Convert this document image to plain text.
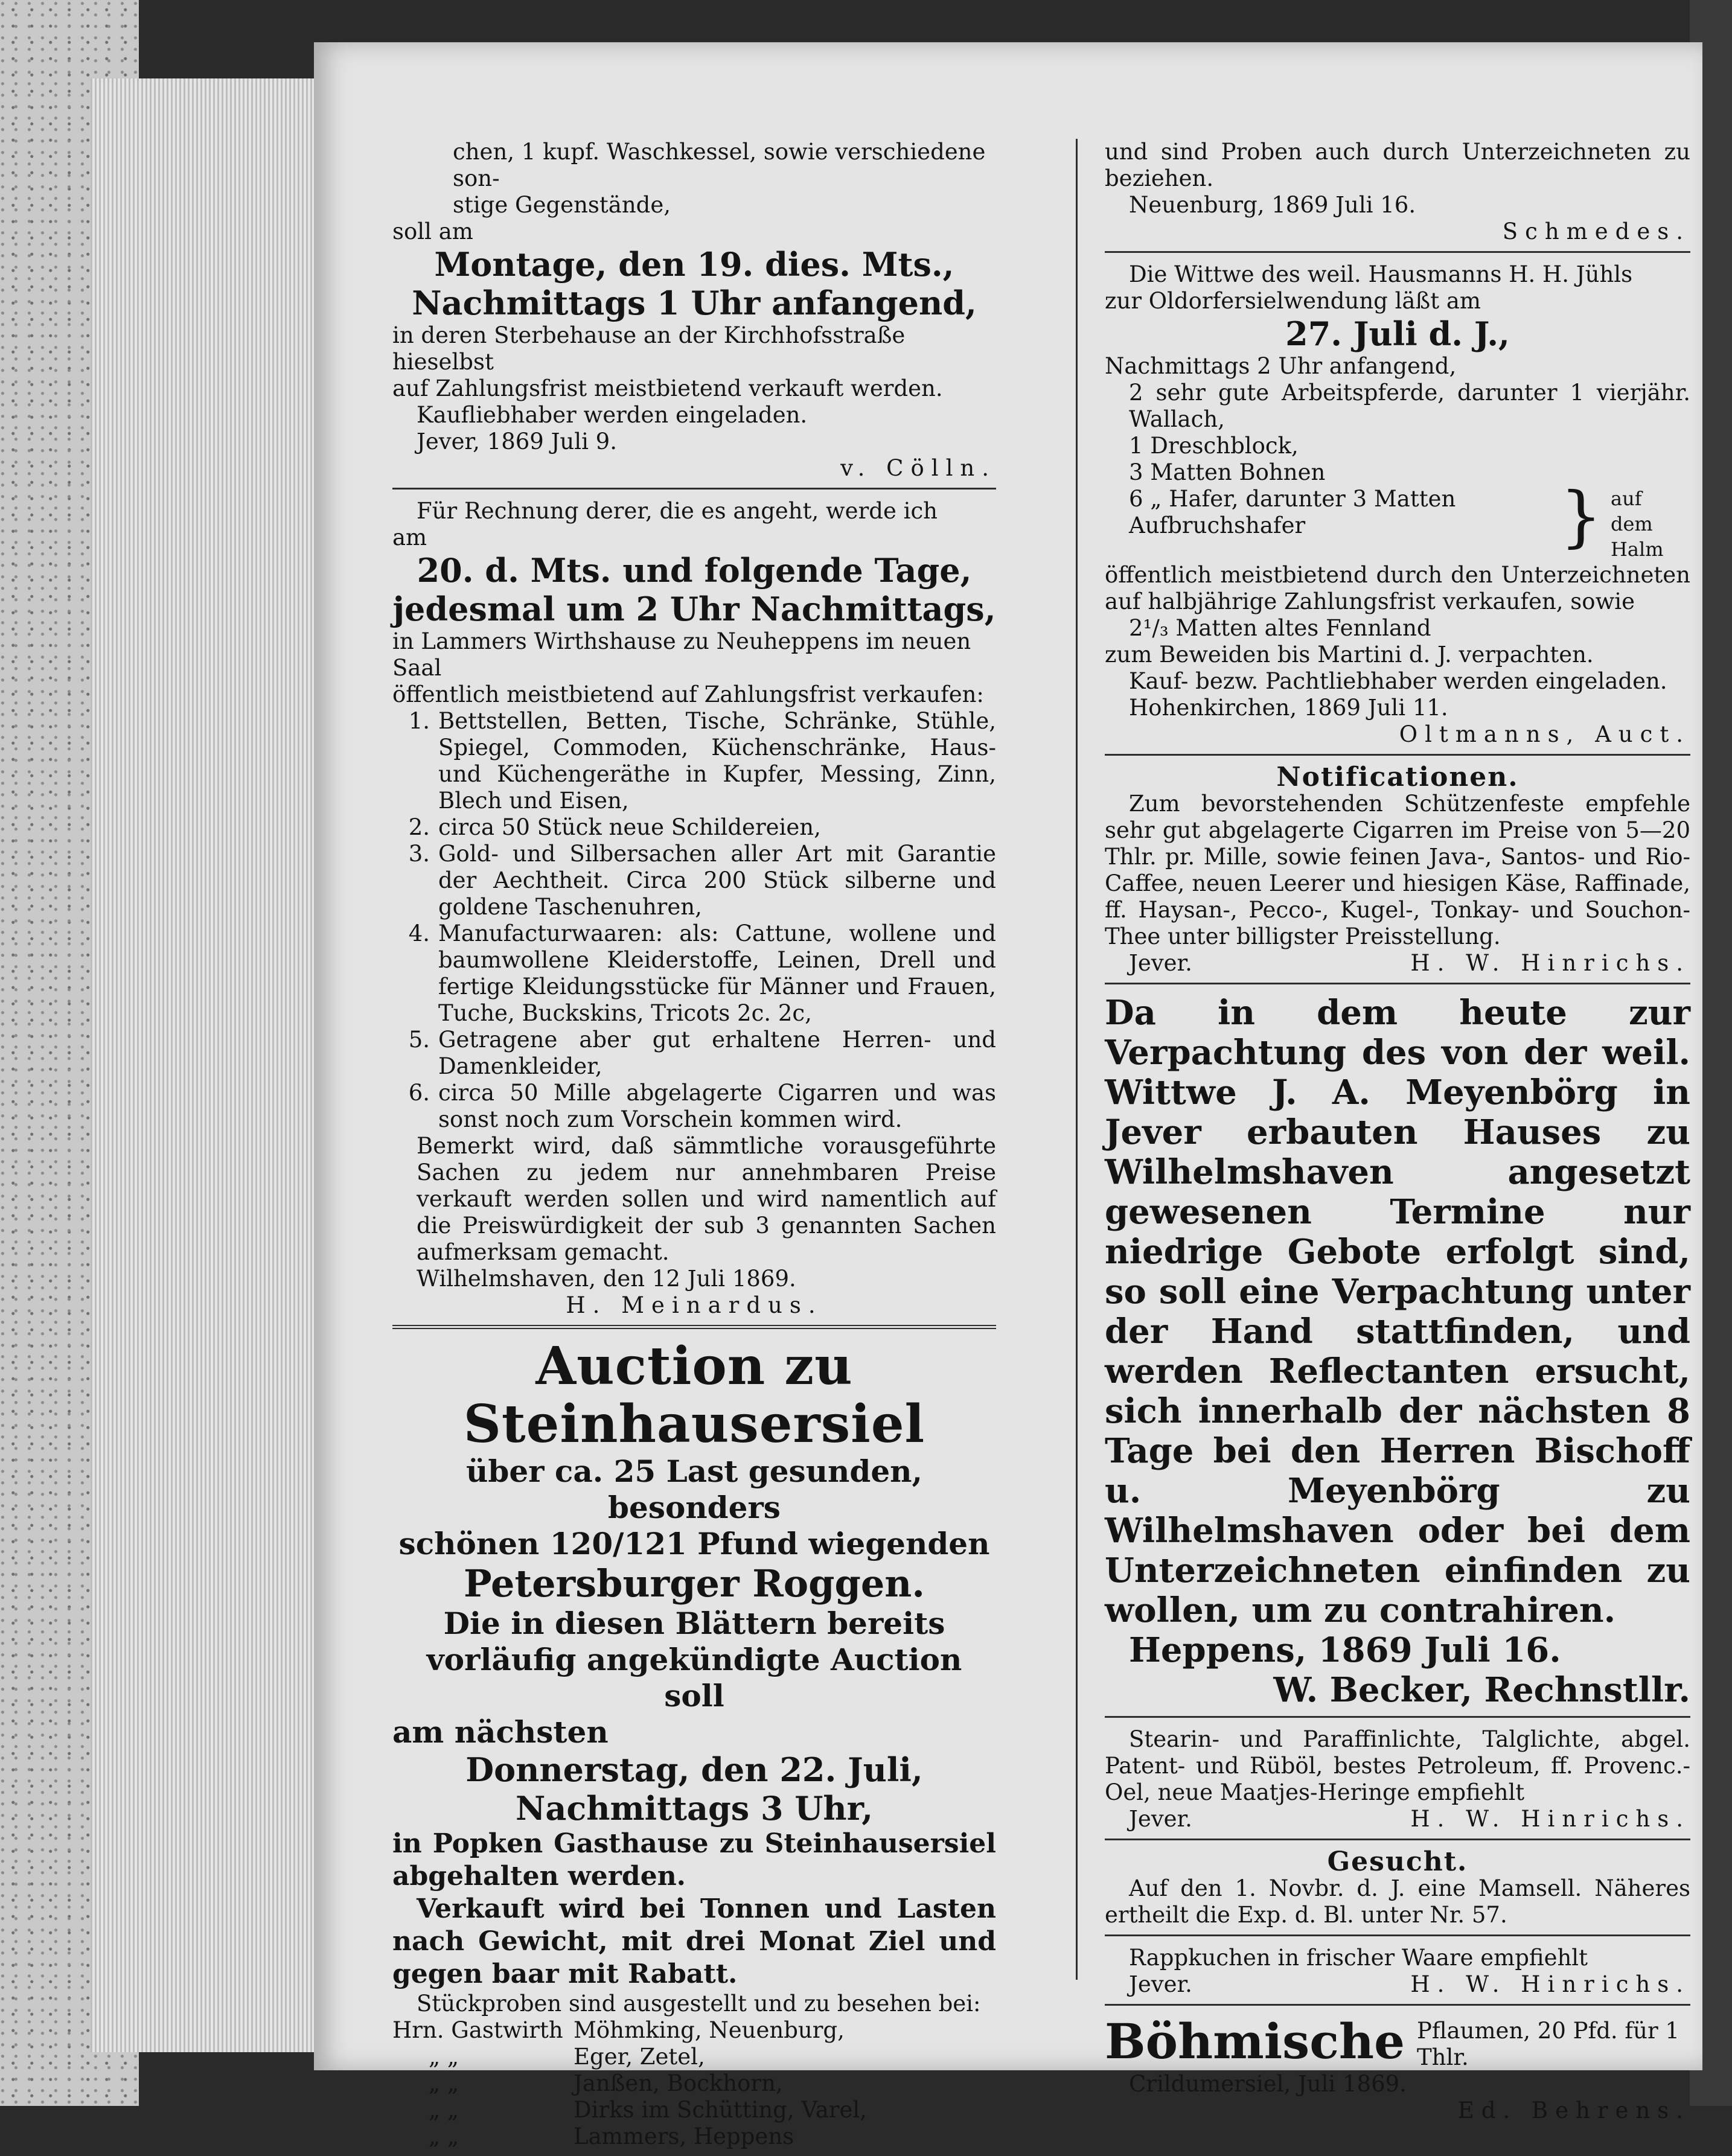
chen, 1 kupf. Waschkessel, sowie verschiedene son-
stige Gegenstände,
soll am
Montage, den 19. dies. Mts.,
Nachmittags 1 Uhr anfangend,
in deren Sterbehause an der Kirchhofsstraße hieselbst
auf Zahlungsfrist meistbietend verkauft werden.
Kaufliebhaber werden eingeladen.
Jever, 1869 Juli 9.
v. Cölln.
Für Rechnung derer, die es angeht, werde ich
am
20. d. Mts. und folgende Tage,
jedesmal um 2 Uhr Nachmittags,
in Lammers Wirthshause zu Neuheppens im neuen Saal
öffentlich meistbietend auf Zahlungsfrist verkaufen:
1. Bettstellen, Betten, Tische, Schränke, Stühle, Spiegel, Commoden, Küchenschränke, Haus- und Küchengeräthe in Kupfer, Messing, Zinn, Blech und Eisen,
2. circa 50 Stück neue Schildereien,
3. Gold- und Silbersachen aller Art mit Garantie der Aechtheit. Circa 200 Stück silberne und goldene Taschenuhren,
4. Manufacturwaaren: als: Cattune, wollene und baumwollene Kleiderstoffe, Leinen, Drell und fertige Kleidungsstücke für Männer und Frauen, Tuche, Buckskins, Tricots 2c. 2c,
5. Getragene aber gut erhaltene Herren- und Damenkleider,
6. circa 50 Mille abgelagerte Cigarren und was sonst noch zum Vorschein kommen wird.
Bemerkt wird, daß sämmtliche vorausgeführte Sachen zu jedem nur annehmbaren Preise verkauft werden sollen und wird namentlich auf die Preiswürdigkeit der sub 3 genannten Sachen aufmerksam gemacht.
Wilhelmshaven, den 12 Juli 1869.
H. Meinardus.
Auction zu Steinhausersiel
über ca. 25 Last gesunden, besonders
schönen 120/121 Pfund wiegenden
Petersburger Roggen.
Die in diesen Blättern bereits
vorläufig angekündigte Auction soll
am nächsten
Donnerstag, den 22. Juli,
Nachmittags 3 Uhr,
in Popken Gasthause zu Steinhausersiel abgehalten werden.
Verkauft wird bei Tonnen und Lasten nach Gewicht, mit drei Monat Ziel und gegen baar mit Rabatt.
Stückproben sind ausgestellt und zu besehen bei:
Hrn. Gastwirth Möhmking, Neuenburg,
„ „	Eger, Zetel,
„ „	Janßen, Bockhorn,
„ „	Dirks im Schütting, Varel,
„ „	Lammers, Heppens
und sind Proben auch durch Unterzeichneten zu beziehen.
Neuenburg, 1869 Juli 16.
Schmedes.
Die Wittwe des weil. Hausmanns H. H. Jühls
zur Oldorfersielwendung läßt am
27. Juli d. J.,
Nachmittags 2 Uhr anfangend,
2 sehr gute Arbeitspferde, darunter 1 vierjähr. Wallach,
1 Dreschblock,
3 Matten Bohnen
6 „ Hafer, darunter 3 Matten Aufbruchshafer	} auf dem Halm
öffentlich meistbietend durch den Unterzeichneten auf halbjährige Zahlungsfrist verkaufen, sowie
2¹/₃ Matten altes Fennland
zum Beweiden bis Martini d. J. verpachten.
Kauf- bezw. Pachtliebhaber werden eingeladen.
Hohenkirchen, 1869 Juli 11.
Oltmanns, Auct.
Notificationen.
Zum bevorstehenden Schützenfeste empfehle sehr gut abgelagerte Cigarren im Preise von 5—20 Thlr. pr. Mille, sowie feinen Java-, Santos- und Rio-Caffee, neuen Leerer und hiesigen Käse, Raffinade, ff. Haysan-, Pecco-, Kugel-, Tonkay- und Souchon-Thee unter billigster Preisstellung.
Jever.	H. W. Hinrichs.
Da in dem heute zur Verpachtung des von der weil. Wittwe J. A. Meyenbörg in Jever erbauten Hauses zu Wilhelmshaven angesetzt gewesenen Termine nur niedrige Gebote erfolgt sind, so soll eine Verpachtung unter der Hand stattfinden, und werden Reflectanten ersucht, sich innerhalb der nächsten 8 Tage bei den Herren Bischoff u. Meyenbörg zu Wilhelmshaven oder bei dem Unterzeichneten einfinden zu wollen, um zu contrahiren.
Heppens, 1869 Juli 16.
W. Becker, Rechnstllr.
Stearin- und Paraffinlichte, Talglichte, abgel. Patent- und Rüböl, bestes Petroleum, ff. Provenc.-Oel, neue Maatjes-Heringe empfiehlt
Jever.	H. W. Hinrichs.
Gesucht.
Auf den 1. Novbr. d. J. eine Mamsell. Näheres ertheilt die Exp. d. Bl. unter Nr. 57.
Rappkuchen in frischer Waare empfiehlt
Jever.	H. W. Hinrichs.
Böhmische Pflaumen, 20 Pfd. für 1 Thlr.
Crildumersiel, Juli 1869.
Ed. Behrens.
